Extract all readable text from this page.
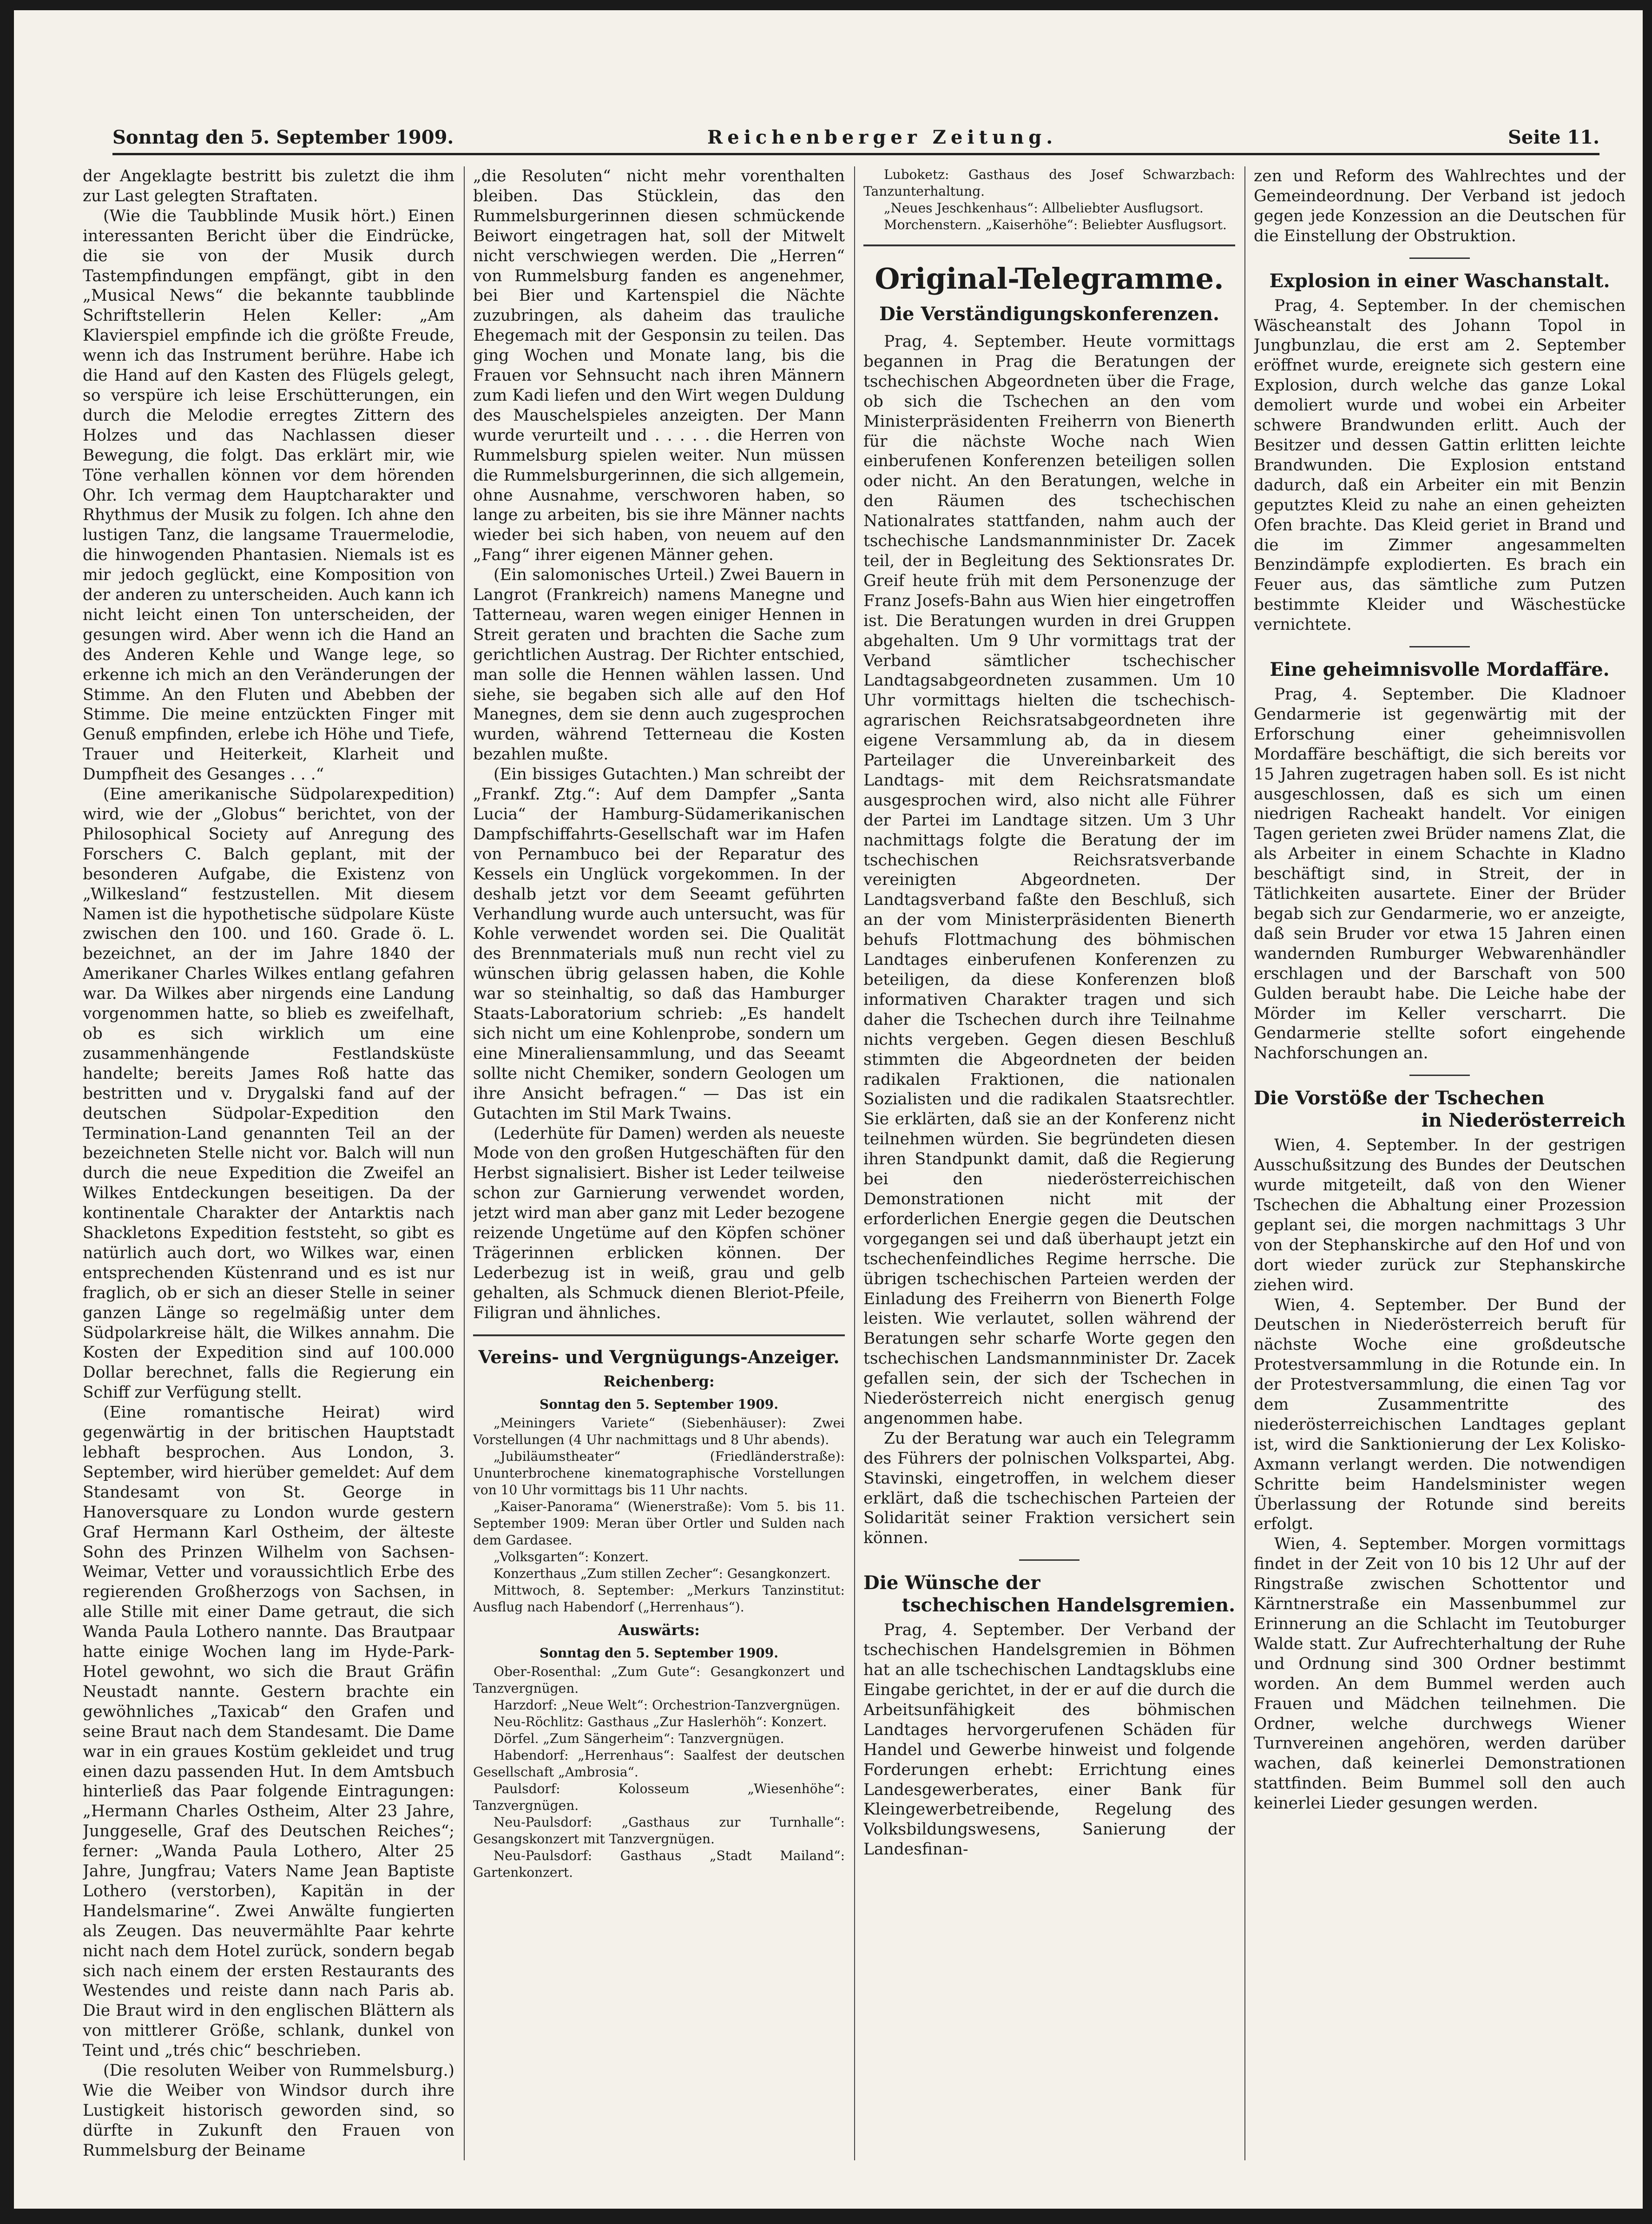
Sonntag den 5. September 1909.	Reichenberger Zeitung.	Seite 11.

der Angeklagte bestritt bis zuletzt die ihm zur Last gelegten Straftaten.

(Wie die Taubblinde Musik hört.) Einen interessanten Bericht über die Eindrücke, die sie von der Musik durch Tastempfindungen empfängt, gibt in den „Musical News“ die bekannte taubblinde Schriftstellerin Helen Keller: „Am Klavierspiel empfinde ich die größte Freude, wenn ich das Instrument berühre. Habe ich die Hand auf den Kasten des Flügels gelegt, so verspüre ich leise Erschütterungen, ein durch die Melodie erregtes Zittern des Holzes und das Nachlassen dieser Bewegung, die folgt. Das erklärt mir, wie Töne verhallen können vor dem hörenden Ohr. Ich vermag dem Hauptcharakter und Rhythmus der Musik zu folgen. Ich ahne den lustigen Tanz, die langsame Trauermelodie, die hinwogenden Phantasien. Niemals ist es mir jedoch geglückt, eine Komposition von der anderen zu unterscheiden. Auch kann ich nicht leicht einen Ton unterscheiden, der gesungen wird. Aber wenn ich die Hand an des Anderen Kehle und Wange lege, so erkenne ich mich an den Veränderungen der Stimme. An den Fluten und Abebben der Stimme. Die meine entzückten Finger mit Genuß empfinden, erlebe ich Höhe und Tiefe, Trauer und Heiterkeit, Klarheit und Dumpfheit des Gesanges . . .“

(Eine amerikanische Südpolarexpedition) wird, wie der „Globus“ berichtet, von der Philosophical Society auf Anregung des Forschers C. Balch geplant, mit der besonderen Aufgabe, die Existenz von „Wilkesland“ festzustellen. Mit diesem Namen ist die hypothetische südpolare Küste zwischen den 100. und 160. Grade ö. L. bezeichnet, an der im Jahre 1840 der Amerikaner Charles Wilkes entlang gefahren war. Da Wilkes aber nirgends eine Landung vorgenommen hatte, so blieb es zweifelhaft, ob es sich wirklich um eine zusammenhängende Festlandsküste handelte; bereits James Roß hatte das bestritten und v. Drygalski fand auf der deutschen Südpolar-Expedition den Termination-Land genannten Teil an der bezeichneten Stelle nicht vor. Balch will nun durch die neue Expedition die Zweifel an Wilkes Entdeckungen beseitigen. Da der kontinentale Charakter der Antarktis nach Shackletons Expedition feststeht, so gibt es natürlich auch dort, wo Wilkes war, einen entsprechenden Küstenrand und es ist nur fraglich, ob er sich an dieser Stelle in seiner ganzen Länge so regelmäßig unter dem Südpolarkreise hält, die Wilkes annahm. Die Kosten der Expedition sind auf 100.000 Dollar berechnet, falls die Regierung ein Schiff zur Verfügung stellt.

(Eine romantische Heirat) wird gegenwärtig in der britischen Hauptstadt lebhaft besprochen. Aus London, 3. September, wird hierüber gemeldet: Auf dem Standesamt von St. George in Hanoversquare zu London wurde gestern Graf Hermann Karl Ostheim, der älteste Sohn des Prinzen Wilhelm von Sachsen-Weimar, Vetter und voraussichtlich Erbe des regierenden Großherzogs von Sachsen, in alle Stille mit einer Dame getraut, die sich Wanda Paula Lothero nannte. Das Brautpaar hatte einige Wochen lang im Hyde-Park-Hotel gewohnt, wo sich die Braut Gräfin Neustadt nannte. Gestern brachte ein gewöhnliches „Taxicab“ den Grafen und seine Braut nach dem Standesamt. Die Dame war in ein graues Kostüm gekleidet und trug einen dazu passenden Hut. In dem Amtsbuch hinterließ das Paar folgende Eintragungen: „Hermann Charles Ostheim, Alter 23 Jahre, Junggeselle, Graf des Deutschen Reiches“; ferner: „Wanda Paula Lothero, Alter 25 Jahre, Jungfrau; Vaters Name Jean Baptiste Lothero (verstorben), Kapitän in der Handelsmarine“. Zwei Anwälte fungierten als Zeugen. Das neuvermählte Paar kehrte nicht nach dem Hotel zurück, sondern begab sich nach einem der ersten Restaurants des Westendes und reiste dann nach Paris ab. Die Braut wird in den englischen Blättern als von mittlerer Größe, schlank, dunkel von Teint und „trés chic“ beschrieben.

(Die resoluten Weiber von Rummelsburg.) Wie die Weiber von Windsor durch ihre Lustigkeit historisch geworden sind, so dürfte in Zukunft den Frauen von Rummelsburg der Beiname

„die Resoluten“ nicht mehr vorenthalten bleiben. Das Stücklein, das den Rummelsburgerinnen diesen schmückende Beiwort eingetragen hat, soll der Mitwelt nicht verschwiegen werden. Die „Herren“ von Rummelsburg fanden es angenehmer, bei Bier und Kartenspiel die Nächte zuzubringen, als daheim das trauliche Ehegemach mit der Gesponsin zu teilen. Das ging Wochen und Monate lang, bis die Frauen vor Sehnsucht nach ihren Männern zum Kadi liefen und den Wirt wegen Duldung des Mauschelspieles anzeigten. Der Mann wurde verurteilt und . . . . . die Herren von Rummelsburg spielen weiter. Nun müssen die Rummelsburgerinnen, die sich allgemein, ohne Ausnahme, verschworen haben, so lange zu arbeiten, bis sie ihre Männer nachts wieder bei sich haben, von neuem auf den „Fang“ ihrer eigenen Männer gehen.

(Ein salomonisches Urteil.) Zwei Bauern in Langrot (Frankreich) namens Manegne und Tatterneau, waren wegen einiger Hennen in Streit geraten und brachten die Sache zum gerichtlichen Austrag. Der Richter entschied, man solle die Hennen wählen lassen. Und siehe, sie begaben sich alle auf den Hof Manegnes, dem sie denn auch zugesprochen wurden, während Tetterneau die Kosten bezahlen mußte.

(Ein bissiges Gutachten.) Man schreibt der „Frankf. Ztg.“: Auf dem Dampfer „Santa Lucia“ der Hamburg-Südamerikanischen Dampfschiffahrts-Gesellschaft war im Hafen von Pernambuco bei der Reparatur des Kessels ein Unglück vorgekommen. In der deshalb jetzt vor dem Seeamt geführten Verhandlung wurde auch untersucht, was für Kohle verwendet worden sei. Die Qualität des Brennmaterials muß nun recht viel zu wünschen übrig gelassen haben, die Kohle war so steinhaltig, so daß das Hamburger Staats-Laboratorium schrieb: „Es handelt sich nicht um eine Kohlenprobe, sondern um eine Mineraliensammlung, und das Seeamt sollte nicht Chemiker, sondern Geologen um ihre Ansicht befragen.“ — Das ist ein Gutachten im Stil Mark Twains.

(Lederhüte für Damen) werden als neueste Mode von den großen Hutgeschäften für den Herbst signalisiert. Bisher ist Leder teilweise schon zur Garnierung verwendet worden, jetzt wird man aber ganz mit Leder bezogene reizende Ungetüme auf den Köpfen schöner Trägerinnen erblicken können. Der Lederbezug ist in weiß, grau und gelb gehalten, als Schmuck dienen Bleriot-Pfeile, Filigran und ähnliches.

Vereins- und Vergnügungs-Anzeiger.
Reichenberg:
Sonntag den 5. September 1909.

„Meiningers Variete“ (Siebenhäuser): Zwei Vorstellungen (4 Uhr nachmittags und 8 Uhr abends).

„Jubiläumstheater“ (Friedländerstraße): Ununterbrochene kinematographische Vorstellungen von 10 Uhr vormittags bis 11 Uhr nachts.

„Kaiser-Panorama“ (Wienerstraße): Vom 5. bis 11. September 1909: Meran über Ortler und Sulden nach dem Gardasee.

„Volksgarten“: Konzert.

Konzerthaus „Zum stillen Zecher“: Gesangkonzert.

Mittwoch, 8. September: „Merkurs Tanzinstitut: Ausflug nach Habendorf („Herrenhaus“).

Auswärts:
Sonntag den 5. September 1909.

Ober-Rosenthal: „Zum Gute“: Gesangkonzert und Tanzvergnügen.

Harzdorf: „Neue Welt“: Orchestrion-Tanzvergnügen.

Neu-Röchlitz: Gasthaus „Zur Haslerhöh“: Konzert.

Dörfel. „Zum Sängerheim“: Tanzvergnügen.

Habendorf: „Herrenhaus“: Saalfest der deutschen Gesellschaft „Ambrosia“.

Paulsdorf: Kolosseum „Wiesenhöhe“: Tanzvergnügen.

Neu-Paulsdorf: „Gasthaus zur Turnhalle“: Gesangskonzert mit Tanzvergnügen.

Neu-Paulsdorf: Gasthaus „Stadt Mailand“: Gartenkonzert.

Luboketz: Gasthaus des Josef Schwarzbach: Tanzunterhaltung.

„Neues Jeschkenhaus“: Allbeliebter Ausflugsort.

Morchenstern. „Kaiserhöhe“: Beliebter Ausflugsort.

Original-Telegramme.
Die Verständigungskonferenzen.

Prag, 4. September. Heute vormittags begannen in Prag die Beratungen der tschechischen Abgeordneten über die Frage, ob sich die Tschechen an den vom Ministerpräsidenten Freiherrn von Bienerth für die nächste Woche nach Wien einberufenen Konferenzen beteiligen sollen oder nicht. An den Beratungen, welche in den Räumen des tschechischen Nationalrates stattfanden, nahm auch der tschechische Landsmannminister Dr. Zacek teil, der in Begleitung des Sektionsrates Dr. Greif heute früh mit dem Personenzuge der Franz Josefs-Bahn aus Wien hier eingetroffen ist. Die Beratungen wurden in drei Gruppen abgehalten. Um 9 Uhr vormittags trat der Verband sämtlicher tschechischer Landtagsabgeordneten zusammen. Um 10 Uhr vormittags hielten die tschechisch-agrarischen Reichsratsabgeordneten ihre eigene Versammlung ab, da in diesem Parteilager die Unvereinbarkeit des Landtags- mit dem Reichsratsmandate ausgesprochen wird, also nicht alle Führer der Partei im Landtage sitzen. Um 3 Uhr nachmittags folgte die Beratung der im tschechischen Reichsratsverbande vereinigten Abgeordneten. Der Landtagsverband faßte den Beschluß, sich an der vom Ministerpräsidenten Bienerth behufs Flottmachung des böhmischen Landtages einberufenen Konferenzen zu beteiligen, da diese Konferenzen bloß informativen Charakter tragen und sich daher die Tschechen durch ihre Teilnahme nichts vergeben. Gegen diesen Beschluß stimmten die Abgeordneten der beiden radikalen Fraktionen, die nationalen Sozialisten und die radikalen Staatsrechtler. Sie erklärten, daß sie an der Konferenz nicht teilnehmen würden. Sie begründeten diesen ihren Standpunkt damit, daß die Regierung bei den niederösterreichischen Demonstrationen nicht mit der erforderlichen Energie gegen die Deutschen vorgegangen sei und daß überhaupt jetzt ein tschechenfeindliches Regime herrsche. Die übrigen tschechischen Parteien werden der Einladung des Freiherrn von Bienerth Folge leisten. Wie verlautet, sollen während der Beratungen sehr scharfe Worte gegen den tschechischen Landsmannminister Dr. Zacek gefallen sein, der sich der Tschechen in Niederösterreich nicht energisch genug angenommen habe.

Zu der Beratung war auch ein Telegramm des Führers der polnischen Volkspartei, Abg. Stavinski, eingetroffen, in welchem dieser erklärt, daß die tschechischen Parteien der Solidarität seiner Fraktion versichert sein können.

Die Wünsche der
tschechischen Handelsgremien.

Prag, 4. September. Der Verband der tschechischen Handelsgremien in Böhmen hat an alle tschechischen Landtagsklubs eine Eingabe gerichtet, in der er auf die durch die Arbeitsunfähigkeit des böhmischen Landtages hervorgerufenen Schäden für Handel und Gewerbe hinweist und folgende Forderungen erhebt: Errichtung eines Landesgewerberates, einer Bank für Kleingewerbetreibende, Regelung des Volksbildungswesens, Sanierung der Landesfinan-

zen und Reform des Wahlrechtes und der Gemeindeordnung. Der Verband ist jedoch gegen jede Konzession an die Deutschen für die Einstellung der Obstruktion.

Explosion in einer Waschanstalt.

Prag, 4. September. In der chemischen Wäscheanstalt des Johann Topol in Jungbunzlau, die erst am 2. September eröffnet wurde, ereignete sich gestern eine Explosion, durch welche das ganze Lokal demoliert wurde und wobei ein Arbeiter schwere Brandwunden erlitt. Auch der Besitzer und dessen Gattin erlitten leichte Brandwunden. Die Explosion entstand dadurch, daß ein Arbeiter ein mit Benzin geputztes Kleid zu nahe an einen geheizten Ofen brachte. Das Kleid geriet in Brand und die im Zimmer angesammelten Benzindämpfe explodierten. Es brach ein Feuer aus, das sämtliche zum Putzen bestimmte Kleider und Wäschestücke vernichtete.

Eine geheimnisvolle Mordaffäre.

Prag, 4. September. Die Kladnoer Gendarmerie ist gegenwärtig mit der Erforschung einer geheimnisvollen Mordaffäre beschäftigt, die sich bereits vor 15 Jahren zugetragen haben soll. Es ist nicht ausgeschlossen, daß es sich um einen niedrigen Racheakt handelt. Vor einigen Tagen gerieten zwei Brüder namens Zlat, die als Arbeiter in einem Schachte in Kladno beschäftigt sind, in Streit, der in Tätlichkeiten ausartete. Einer der Brüder begab sich zur Gendarmerie, wo er anzeigte, daß sein Bruder vor etwa 15 Jahren einen wandernden Rumburger Webwarenhändler erschlagen und der Barschaft von 500 Gulden beraubt habe. Die Leiche habe der Mörder im Keller verscharrt. Die Gendarmerie stellte sofort eingehende Nachforschungen an.

Die Vorstöße der Tschechen
in Niederösterreich

Wien, 4. September. In der gestrigen Ausschußsitzung des Bundes der Deutschen wurde mitgeteilt, daß von den Wiener Tschechen die Abhaltung einer Prozession geplant sei, die morgen nachmittags 3 Uhr von der Stephanskirche auf den Hof und von dort wieder zurück zur Stephanskirche ziehen wird.

Wien, 4. September. Der Bund der Deutschen in Niederösterreich beruft für nächste Woche eine großdeutsche Protestversammlung in die Rotunde ein. In der Protestversammlung, die einen Tag vor dem Zusammentritte des niederösterreichischen Landtages geplant ist, wird die Sanktionierung der Lex Kolisko-Axmann verlangt werden. Die notwendigen Schritte beim Handelsminister wegen Überlassung der Rotunde sind bereits erfolgt.

Wien, 4. September. Morgen vormittags findet in der Zeit von 10 bis 12 Uhr auf der Ringstraße zwischen Schottentor und Kärntnerstraße ein Massenbummel zur Erinnerung an die Schlacht im Teutoburger Walde statt. Zur Aufrechterhaltung der Ruhe und Ordnung sind 300 Ordner bestimmt worden. An dem Bummel werden auch Frauen und Mädchen teilnehmen. Die Ordner, welche durchwegs Wiener Turnvereinen angehören, werden darüber wachen, daß keinerlei Demonstrationen stattfinden. Beim Bummel soll den auch keinerlei Lieder gesungen werden.
